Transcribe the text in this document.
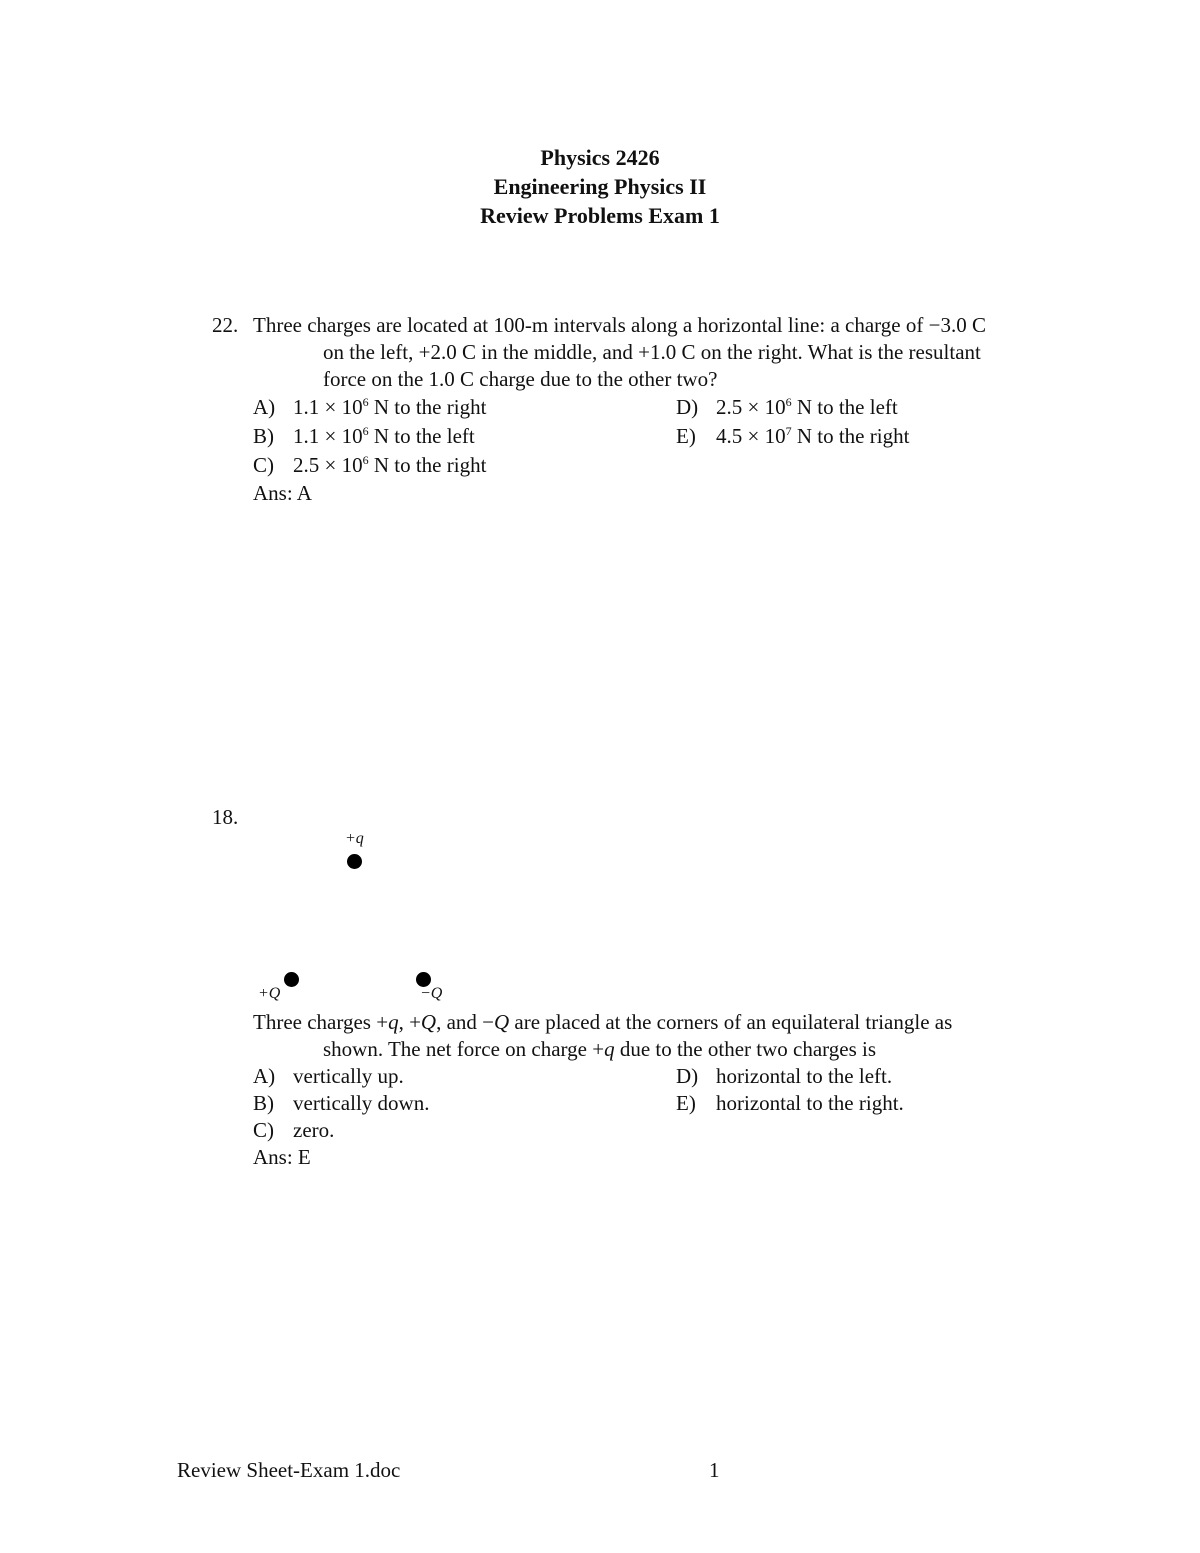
Physics 2426
Engineering Physics II
Review Problems Exam 1
22. Three charges are located at 100-m intervals along a horizontal line: a charge of −3.0 C
on the left, +2.0 C in the middle, and +1.0 C on the right. What is the resultant
force on the 1.0 C charge due to the other two?
A) $1.1 \times 10^6$ N to the right
B) $1.1 \times 10^6$ N to the left
C) $2.5 \times 10^6$ N to the right
D) $2.5 \times 10^6$ N to the left
E) $4.5 \times 10^7$ N to the right
Ans: A
18.
+q
+Q	−Q
Three charges +q, +Q, and −Q are placed at the corners of an equilateral triangle as
shown. The net force on charge +q due to the other two charges is
A) vertically up.
B) vertically down.
C) zero.
D) horizontal to the left.
E) horizontal to the right.
Ans: E
Review Sheet-Exam 1.doc	1
